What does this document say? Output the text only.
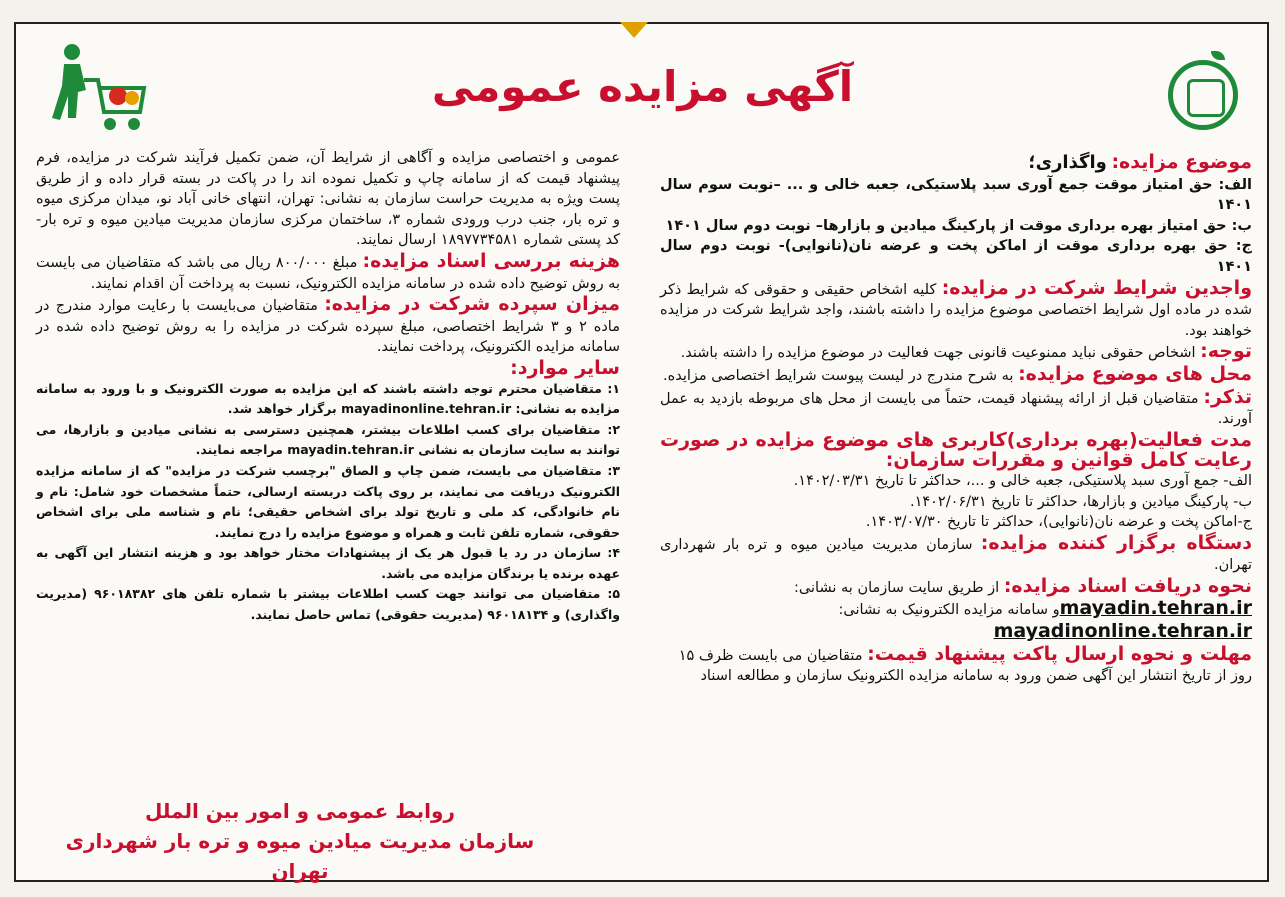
آگهی مزایده عمومی

موضوع مزایده: واگذاری؛

الف: حق امتیاز موقت جمع آوری سبد پلاستیکی، جعبه خالی و ... –نوبت سوم سال ۱۴۰۱

ب: حق امتیاز بهره برداری موقت از پارکینگ میادین و بازارها– نوبت دوم سال ۱۴۰۱

ج: حق بهره برداری موقت از اماکن پخت و عرضه نان(نانوایی)- نوبت دوم سال ۱۴۰۱

واجدین شرایط شرکت در مزایده: کلیه اشخاص حقیقی و حقوقی که شرایط ذکر شده در ماده اول شرایط اختصاصی موضوع مزایده را داشته باشند، واجد شرایط شرکت در مزایده خواهند بود.

توجه: اشخاص حقوقی نباید ممنوعیت قانونی جهت فعالیت در موضوع مزایده را داشته باشند.

محل های موضوع مزایده: به شرح مندرج در لیست پیوست شرایط اختصاصی مزایده.

تذکر: متقاضیان قبل از ارائه پیشنهاد قیمت، حتماً می بایست از محل های مربوطه بازدید به عمل آورند.

مدت فعالیت(بهره برداری)کاربری های موضوع مزایده در صورت رعایت کامل قوانین و مقررات سازمان:

الف- جمع آوری سبد پلاستیکی، جعبه خالی و ...، حداکثر تا تاریخ ۱۴۰۲/۰۳/۳۱.

ب- پارکینگ میادین و بازارها، حداکثر تا تاریخ ۱۴۰۲/۰۶/۳۱.

ج-اماکن پخت و عرضه نان(نانوایی)، حداکثر تا تاریخ ۱۴۰۳/۰۷/۳۰.

دستگاه برگزار کننده مزایده: سازمان مدیریت میادین میوه و تره بار شهرداری تهران.

نحوه دریافت اسناد مزایده: از طریق سایت سازمان به نشانی:

mayadin.tehran.irو سامانه مزایده الکترونیک به نشانی:

mayadinonline.tehran.ir

مهلت و نحوه ارسال پاکت پیشنهاد قیمت: متقاضیان می بایست ظرف ۱۵

روز از تاریخ انتشار این آگهی ضمن ورود به سامانه مزایده الکترونیک سازمان و مطالعه اسناد

عمومی و اختصاصی مزایده و آگاهی از شرایط آن، ضمن تکمیل فرآیند شرکت در مزایده، فرم پیشنهاد قیمت که از سامانه چاپ و تکمیل نموده اند را در پاکت در بسته قرار داده و از طریق پست ویژه به مدیریت حراست سازمان به نشانی: تهران، انتهای خانی آباد نو، میدان مرکزی میوه و تره بار، جنب درب ورودی شماره ۳، ساختمان مرکزی سازمان مدیریت میادین میوه و تره بار- کد پستی شماره ۱۸۹۷۷۳۴۵۸۱ ارسال نمایند.

هزینه بررسی اسناد مزایده: مبلغ ۸۰۰/۰۰۰ ریال می باشد که متقاضیان می بایست به روش توضیح داده شده در سامانه مزایده الکترونیک، نسبت به پرداخت آن اقدام نمایند.

میزان سپرده شرکت در مزایده: متقاضیان می‌بایست با رعایت موارد مندرج در ماده ۲ و ۳ شرایط اختصاصی، مبلغ سپرده شرکت در مزایده را به روش توضیح داده شده در سامانه مزایده الکترونیک، پرداخت نمایند.

سایر موارد:

۱: متقاضیان محترم توجه داشته باشند که این مزایده به صورت الکترونیک و با ورود به سامانه مزایده به نشانی: mayadinonline.tehran.ir برگزار خواهد شد.

۲: متقاضیان برای کسب اطلاعات بیشتر، همچنین دسترسی به نشانی میادین و بازارها، می توانند به سایت سازمان به نشانی mayadin.tehran.ir مراجعه نمایند.

۳: متقاضیان می بایست، ضمن چاپ و الصاق "برچسب شرکت در مزایده" که از سامانه مزایده الکترونیک دریافت می نمایند، بر روی پاکت دربسته ارسالی، حتماً مشخصات خود شامل: نام و نام خانوادگی، کد ملی و تاریخ تولد برای اشخاص حقیقی؛ نام و شناسه ملی برای اشخاص حقوقی، شماره تلفن ثابت و همراه و موضوع مزایده را درج نمایند.

۴: سازمان در رد یا قبول هر یک از پیشنهادات مختار خواهد بود و هزینه انتشار این آگهی به عهده برنده یا برندگان مزایده می باشد.

۵: متقاضیان می توانند جهت کسب اطلاعات بیشتر با شماره تلفن های ۹۶۰۱۸۳۸۲ (مدیریت واگذاری) و ۹۶۰۱۸۱۳۴ (مدیریت حقوقی) تماس حاصل نمایند.

روابط عمومی و امور بین الملل
سازمان مدیریت میادین میوه و تره بار شهرداری تهران
